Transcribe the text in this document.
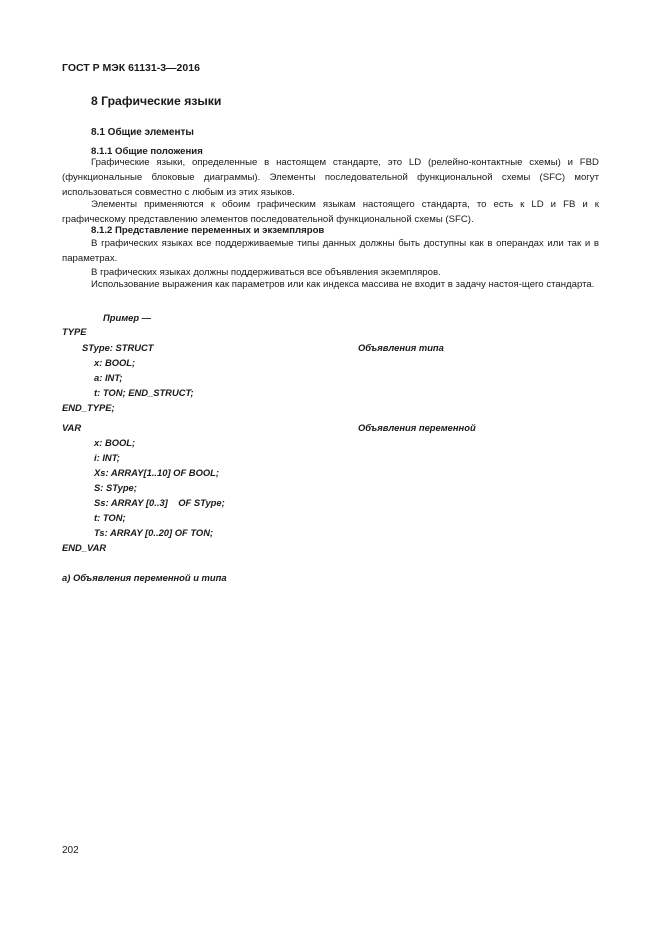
ГОСТ Р МЭК 61131-3—2016
8 Графические языки
8.1 Общие элементы
8.1.1 Общие положения
Графические языки, определенные в настоящем стандарте, это LD (релейно-контактные схемы) и FBD (функциональные блоковые диаграммы). Элементы последовательной функциональной схемы (SFC) могут использоваться совместно с любым из этих языков.
Элементы применяются к обоим графическим языкам настоящего стандарта, то есть к LD и FB и к графическому представлению элементов последовательной функциональной схемы (SFC).
8.1.2 Представление переменных и экземпляров
В графических языках все поддерживаемые типы данных должны быть доступны как в операндах или так и в параметрах.
В графических языках должны поддерживаться все объявления экземпляров.
Использование выражения как параметров или как индекса массива не входит в задачу настоя-щего стандарта.
Пример —
TYPE
SType: STRUCT	Объявления типа
x: BOOL;
a: INT;
t: TON; END_STRUCT;
END_TYPE;
VAR	Объявления переменной
x: BOOL;
i: INT;
Xs: ARRAY[1..10] OF BOOL;
S: SType;
Ss: ARRAY [0..3]    OF SType;
t: TON;
Ts: ARRAY [0..20] OF TON;
END_VAR
a) Объявления переменной и типа
202
